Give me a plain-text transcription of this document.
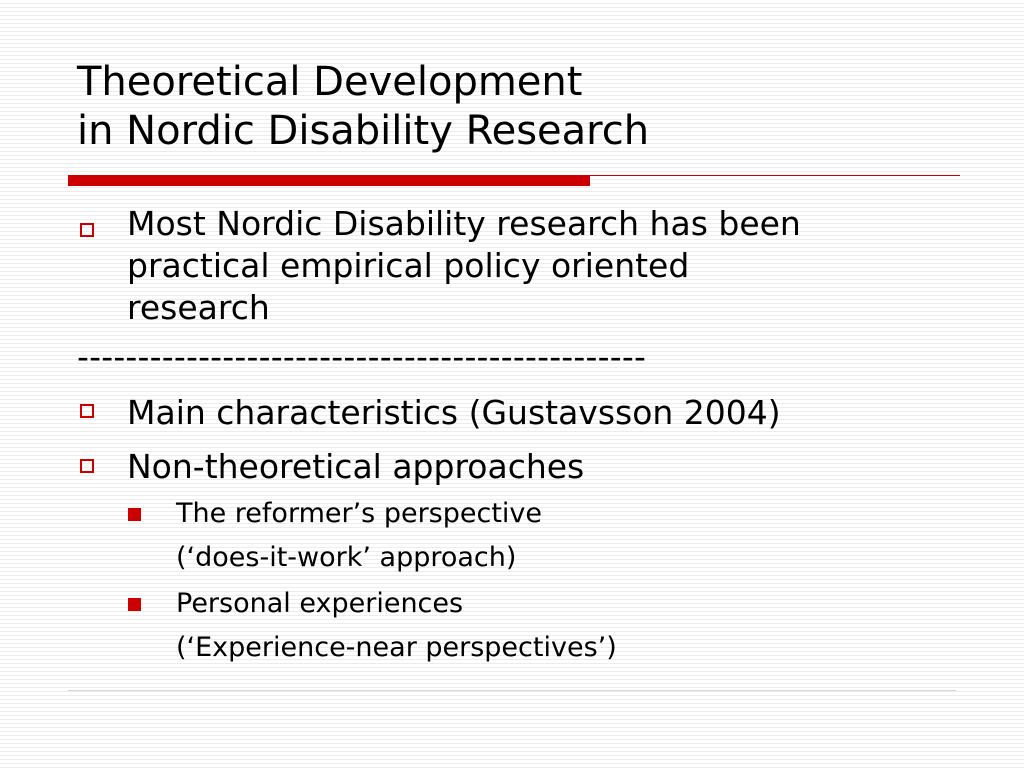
Theoretical Development
in Nordic Disability Research

Most Nordic Disability research has been
practical empirical policy oriented
research

-----------------------------------------------

Main characteristics (Gustavsson 2004)

Non-theoretical approaches

The reformer’s perspective
(‘does-it-work’ approach)

Personal experiences
(‘Experience-near perspectives’)
